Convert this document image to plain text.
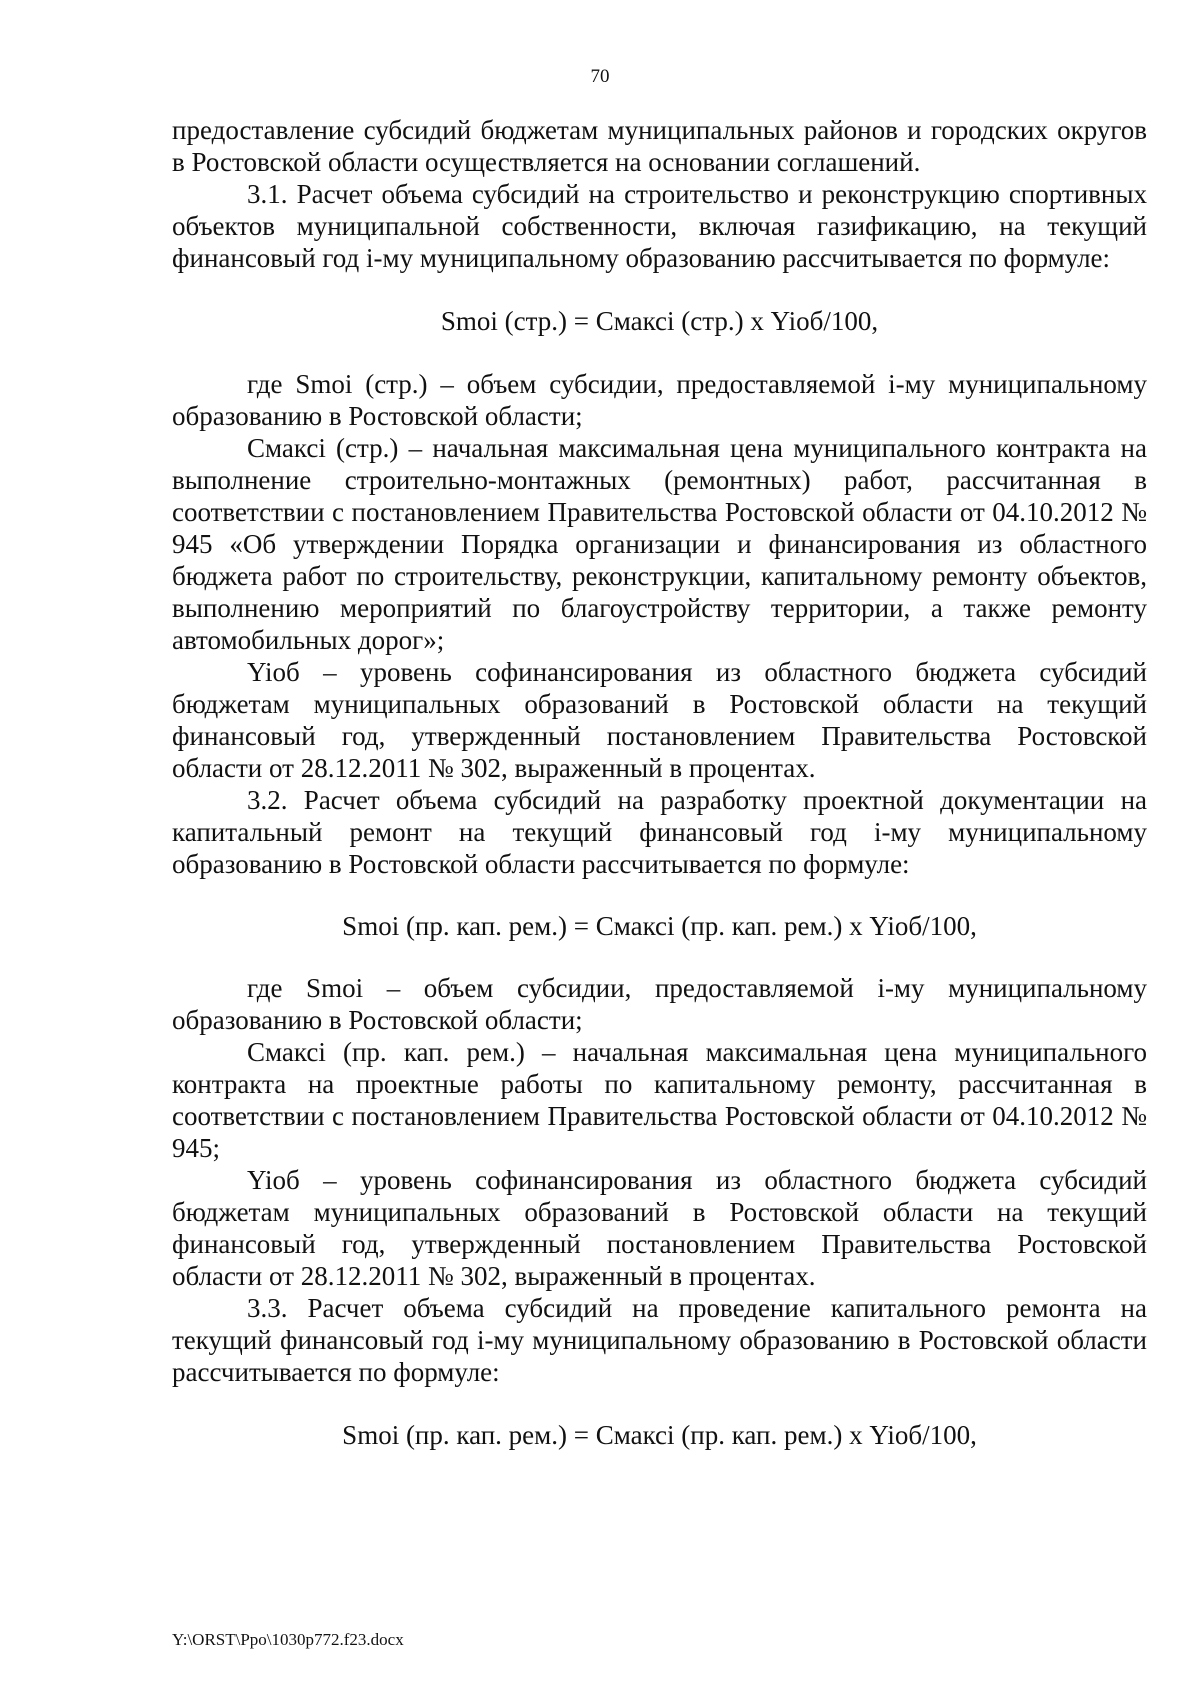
70

предоставление субсидий бюджетам муниципальных районов и городских округов в Ростовской области осуществляется на основании соглашений.

3.1. Расчет объема субсидий на строительство и реконструкцию спортивных объектов муниципальной собственности, включая газификацию, на текущий финансовый год i-му муниципальному образованию рассчитывается по формуле:

Smoi (стр.) = Смаксi (стр.) х Yioб/100,

где Smoi (стр.) – объем субсидии, предоставляемой i-му муниципальному образованию в Ростовской области;

Смаксi (стр.) – начальная максимальная цена муниципального контракта на выполнение строительно-монтажных (ремонтных) работ, рассчитанная в соответствии с постановлением Правительства Ростовской области от 04.10.2012 № 945 «Об утверждении Порядка организации и финансирования из областного бюджета работ по строительству, реконструкции, капитальному ремонту объектов, выполнению мероприятий по благоустройству территории, а также ремонту автомобильных дорог»;

Yioб – уровень софинансирования из областного бюджета субсидий бюджетам муниципальных образований в Ростовской области на текущий финансовый год, утвержденный постановлением Правительства Ростовской области от 28.12.2011 № 302, выраженный в процентах.

3.2. Расчет объема субсидий на разработку проектной документации на капитальный ремонт на текущий финансовый год i-му муниципальному образованию в Ростовской области рассчитывается по формуле:

Smoi (пр. кап. рем.) = Смаксi (пр. кап. рем.) х Yioб/100,

где Smoi – объем субсидии, предоставляемой i-му муниципальному образованию в Ростовской области;

Смаксi (пр. кап. рем.) – начальная максимальная цена муниципального контракта на проектные работы по капитальному ремонту, рассчитанная в соответствии с постановлением Правительства Ростовской области от 04.10.2012 № 945;

Yioб – уровень софинансирования из областного бюджета субсидий бюджетам муниципальных образований в Ростовской области на текущий финансовый год, утвержденный постановлением Правительства Ростовской области от 28.12.2011 № 302, выраженный в процентах.

3.3. Расчет объема субсидий на проведение капитального ремонта на текущий финансовый год i-му муниципальному образованию в Ростовской области рассчитывается по формуле:

Smoi (пр. кап. рем.) = Смаксi (пр. кап. рем.) х Yioб/100,

Y:\ORST\Ppo\1030p772.f23.docx
